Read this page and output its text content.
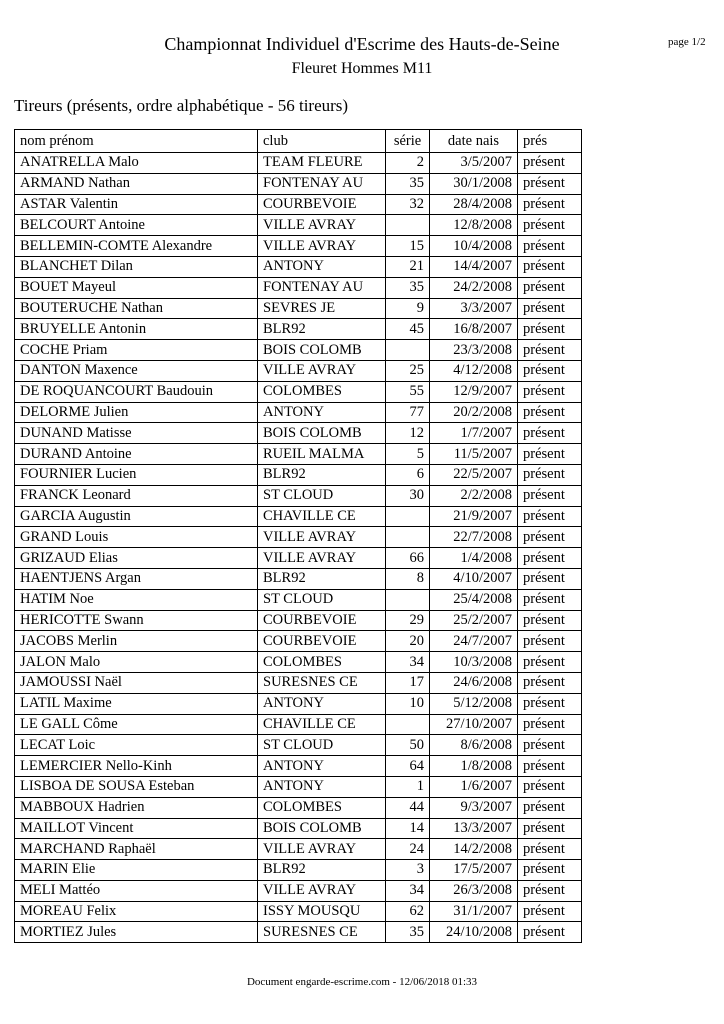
Championnat Individuel d'Escrime des Hauts-de-Seine
Fleuret Hommes M11
page 1/2
Tireurs (présents, ordre alphabétique - 56 tireurs)
nom prénom	club	série	date nais	prés
ANATRELLA Malo	TEAM FLEURE	2	3/5/2007	présent
ARMAND Nathan	FONTENAY AU	35	30/1/2008	présent
ASTAR Valentin	COURBEVOIE	32	28/4/2008	présent
BELCOURT Antoine	VILLE AVRAY		12/8/2008	présent
BELLEMIN-COMTE Alexandre	VILLE AVRAY	15	10/4/2008	présent
BLANCHET Dilan	ANTONY	21	14/4/2007	présent
BOUET Mayeul	FONTENAY AU	35	24/2/2008	présent
BOUTERUCHE Nathan	SEVRES JE	9	3/3/2007	présent
BRUYELLE Antonin	BLR92	45	16/8/2007	présent
COCHE Priam	BOIS COLOMB		23/3/2008	présent
DANTON Maxence	VILLE AVRAY	25	4/12/2008	présent
DE ROQUANCOURT Baudouin	COLOMBES	55	12/9/2007	présent
DELORME Julien	ANTONY	77	20/2/2008	présent
DUNAND Matisse	BOIS COLOMB	12	1/7/2007	présent
DURAND Antoine	RUEIL MALMA	5	11/5/2007	présent
FOURNIER Lucien	BLR92	6	22/5/2007	présent
FRANCK Leonard	ST CLOUD	30	2/2/2008	présent
GARCIA Augustin	CHAVILLE CE		21/9/2007	présent
GRAND Louis	VILLE AVRAY		22/7/2008	présent
GRIZAUD Elias	VILLE AVRAY	66	1/4/2008	présent
HAENTJENS Argan	BLR92	8	4/10/2007	présent
HATIM Noe	ST CLOUD		25/4/2008	présent
HERICOTTE Swann	COURBEVOIE	29	25/2/2007	présent
JACOBS Merlin	COURBEVOIE	20	24/7/2007	présent
JALON Malo	COLOMBES	34	10/3/2008	présent
JAMOUSSI Naël	SURESNES CE	17	24/6/2008	présent
LATIL Maxime	ANTONY	10	5/12/2008	présent
LE GALL Côme	CHAVILLE CE		27/10/2007	présent
LECAT Loic	ST CLOUD	50	8/6/2008	présent
LEMERCIER Nello-Kinh	ANTONY	64	1/8/2008	présent
LISBOA DE SOUSA Esteban	ANTONY	1	1/6/2007	présent
MABBOUX Hadrien	COLOMBES	44	9/3/2007	présent
MAILLOT Vincent	BOIS COLOMB	14	13/3/2007	présent
MARCHAND Raphaël	VILLE AVRAY	24	14/2/2008	présent
MARIN Elie	BLR92	3	17/5/2007	présent
MELI Mattéo	VILLE AVRAY	34	26/3/2008	présent
MOREAU Felix	ISSY MOUSQU	62	31/1/2007	présent
MORTIEZ Jules	SURESNES CE	35	24/10/2008	présent
Document engarde-escrime.com - 12/06/2018 01:33
